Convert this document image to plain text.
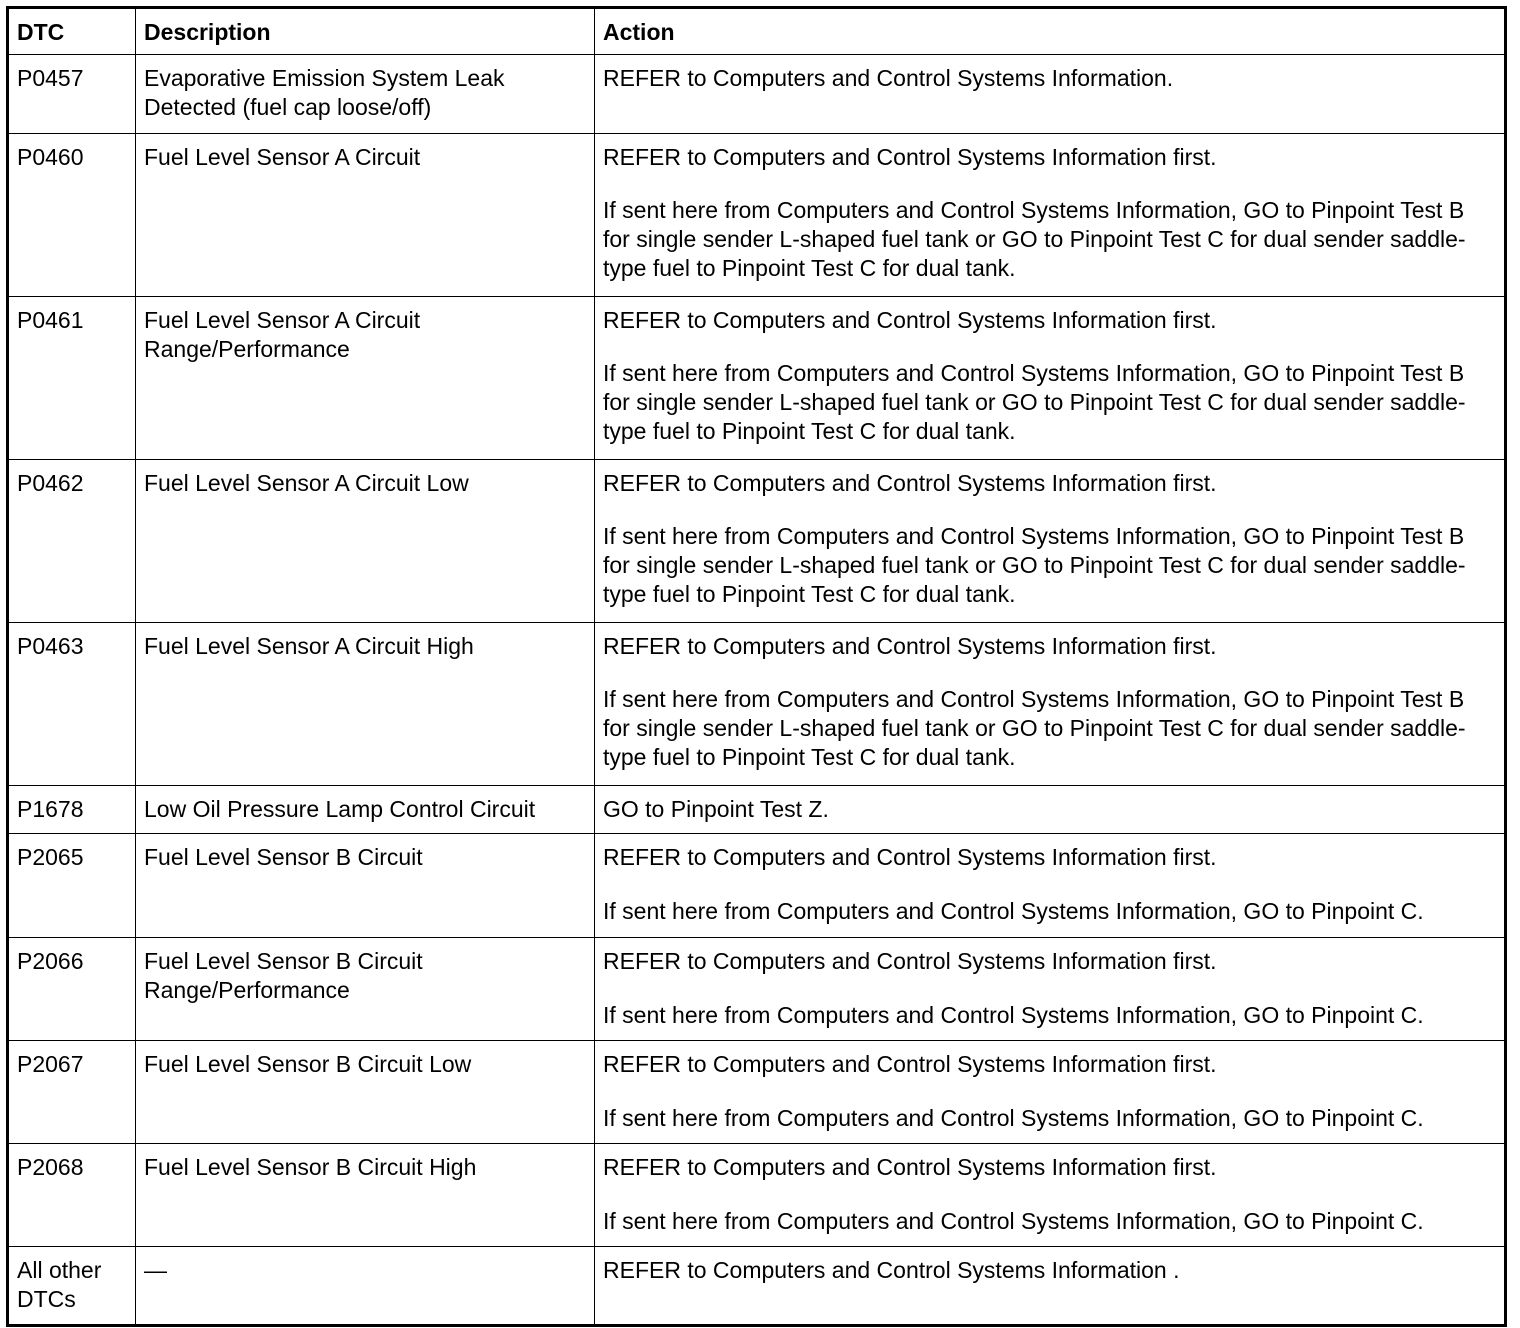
DTC	Description	Action
P0457	Evaporative Emission System Leak Detected (fuel cap loose/off)	REFER to Computers and Control Systems Information.

P0460	Fuel Level Sensor A Circuit	REFER to Computers and Control Systems Information first.
If sent here from Computers and Control Systems Information, GO to Pinpoint Test B for single sender L-shaped fuel tank or GO to Pinpoint Test C for dual sender saddle-type fuel to Pinpoint Test C for dual tank.

P0461	Fuel Level Sensor A Circuit Range/Performance	REFER to Computers and Control Systems Information first.
If sent here from Computers and Control Systems Information, GO to Pinpoint Test B for single sender L-shaped fuel tank or GO to Pinpoint Test C for dual sender saddle-type fuel to Pinpoint Test C for dual tank.

P0462	Fuel Level Sensor A Circuit Low	REFER to Computers and Control Systems Information first.
If sent here from Computers and Control Systems Information, GO to Pinpoint Test B for single sender L-shaped fuel tank or GO to Pinpoint Test C for dual sender saddle-type fuel to Pinpoint Test C for dual tank.

P0463	Fuel Level Sensor A Circuit High	REFER to Computers and Control Systems Information first.
If sent here from Computers and Control Systems Information, GO to Pinpoint Test B for single sender L-shaped fuel tank or GO to Pinpoint Test C for dual sender saddle-type fuel to Pinpoint Test C for dual tank.

P1678	Low Oil Pressure Lamp Control Circuit	GO to Pinpoint Test Z.

P2065	Fuel Level Sensor B Circuit	REFER to Computers and Control Systems Information first.
If sent here from Computers and Control Systems Information, GO to Pinpoint C.

P2066	Fuel Level Sensor B Circuit Range/Performance	REFER to Computers and Control Systems Information first.
If sent here from Computers and Control Systems Information, GO to Pinpoint C.

P2067	Fuel Level Sensor B Circuit Low	REFER to Computers and Control Systems Information first.
If sent here from Computers and Control Systems Information, GO to Pinpoint C.

P2068	Fuel Level Sensor B Circuit High	REFER to Computers and Control Systems Information first.
If sent here from Computers and Control Systems Information, GO to Pinpoint C.

All other DTCs	—	REFER to Computers and Control Systems Information .
